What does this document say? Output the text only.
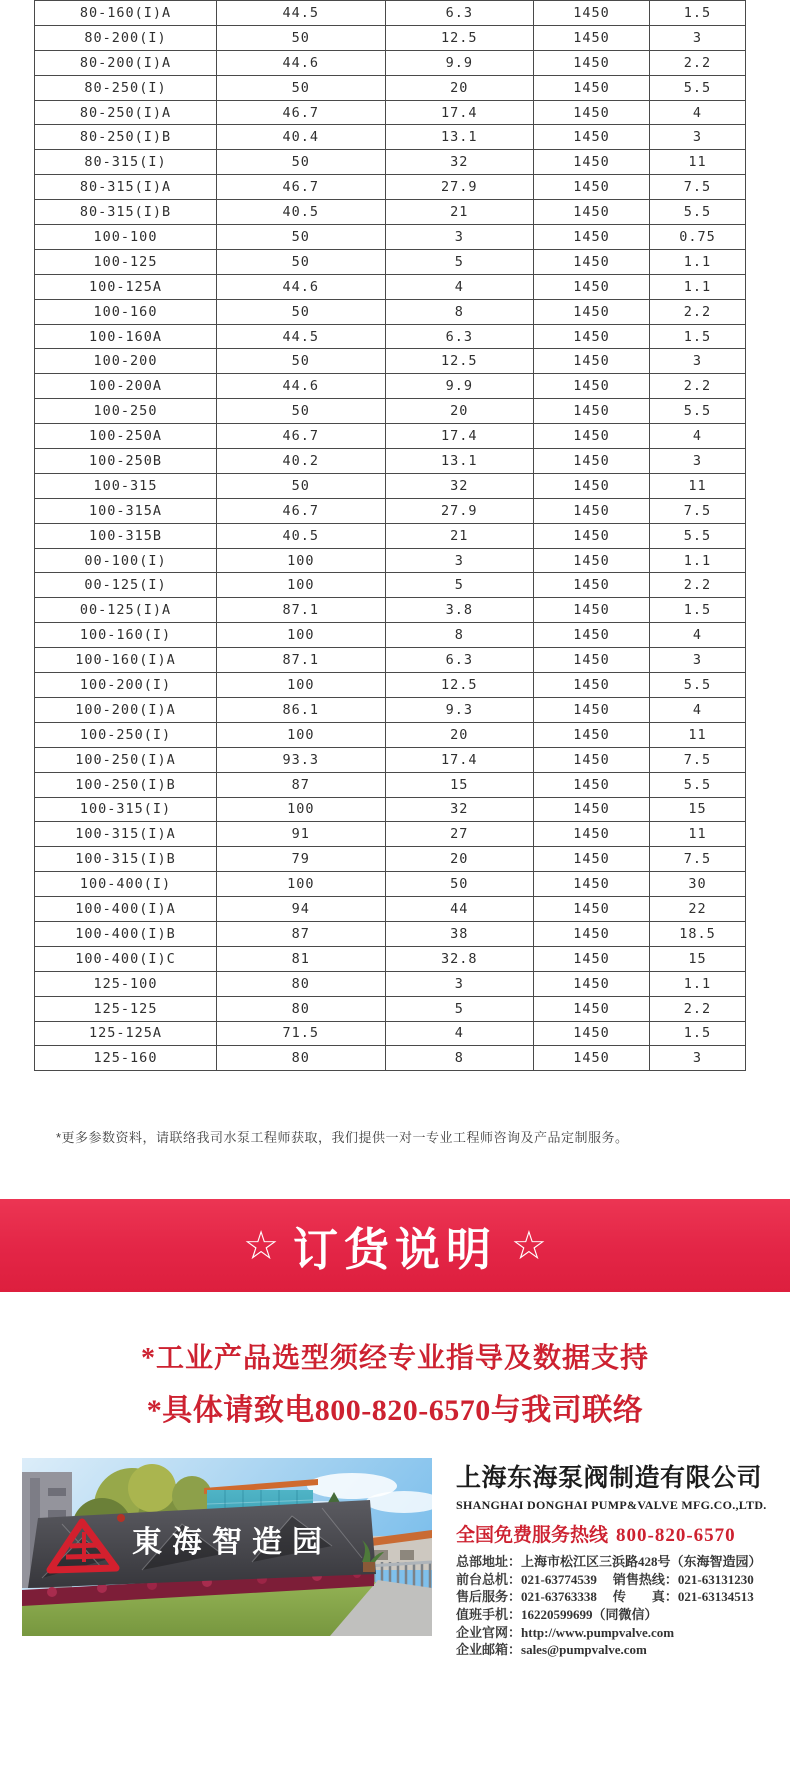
80-160(I)A	44.5	6.3	1450	1.5
80-200(I)	50	12.5	1450	3
80-200(I)A	44.6	9.9	1450	2.2
80-250(I)	50	20	1450	5.5
80-250(I)A	46.7	17.4	1450	4
80-250(I)B	40.4	13.1	1450	3
80-315(I)	50	32	1450	11
80-315(I)A	46.7	27.9	1450	7.5
80-315(I)B	40.5	21	1450	5.5
100-100	50	3	1450	0.75
100-125	50	5	1450	1.1
100-125A	44.6	4	1450	1.1
100-160	50	8	1450	2.2
100-160A	44.5	6.3	1450	1.5
100-200	50	12.5	1450	3
100-200A	44.6	9.9	1450	2.2
100-250	50	20	1450	5.5
100-250A	46.7	17.4	1450	4
100-250B	40.2	13.1	1450	3
100-315	50	32	1450	11
100-315A	46.7	27.9	1450	7.5
100-315B	40.5	21	1450	5.5
00-100(I)	100	3	1450	1.1
00-125(I)	100	5	1450	2.2
00-125(I)A	87.1	3.8	1450	1.5
100-160(I)	100	8	1450	4
100-160(I)A	87.1	6.3	1450	3
100-200(I)	100	12.5	1450	5.5
100-200(I)A	86.1	9.3	1450	4
100-250(I)	100	20	1450	11
100-250(I)A	93.3	17.4	1450	7.5
100-250(I)B	87	15	1450	5.5
100-315(I)	100	32	1450	15
100-315(I)A	91	27	1450	11
100-315(I)B	79	20	1450	7.5
100-400(I)	100	50	1450	30
100-400(I)A	94	44	1450	22
100-400(I)B	87	38	1450	18.5
100-400(I)C	81	32.8	1450	15
125-100	80	3	1450	1.1
125-125	80	5	1450	2.2
125-125A	71.5	4	1450	1.5
125-160	80	8	1450	3
*更多参数资料，请联络我司水泵工程师获取，我们提供一对一专业工程师咨询及产品定制服务。
☆ 订货说明 ☆
*工业产品选型须经专业指导及数据支持
*具体请致电800-820-6570与我司联络
東海智造园
上海东海泵阀制造有限公司
SHANGHAI DONGHAI PUMP&VALVE MFG.CO.,LTD.
全国免费服务热线 800-820-6570
总部地址：上海市松江区三浜路428号（东海智造园）
前台总机：021-63774539 销售热线：021-63131230
售后服务：021-63763338 传　　真：021-63134513
值班手机：16220599699（同微信）
企业官网：http://www.pumpvalve.com
企业邮箱：sales@pumpvalve.com
